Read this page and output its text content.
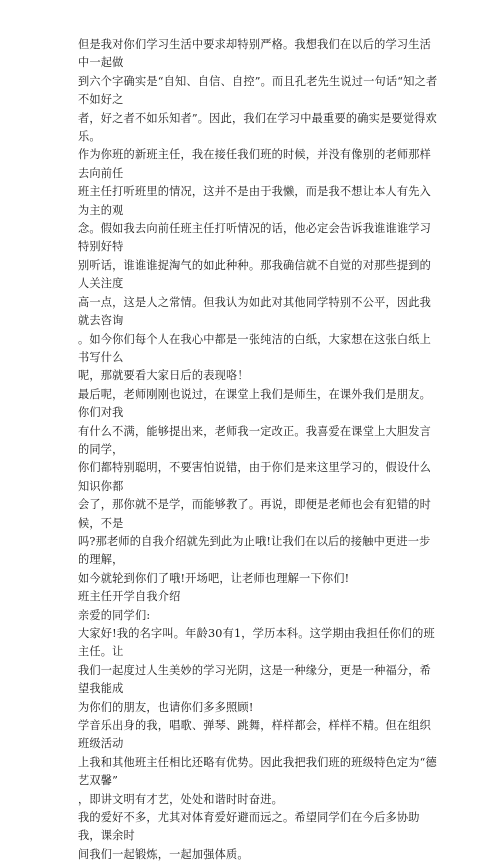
但是我对你们学习生活中要求却特别严格。我想我们在以后的学习生活中一起做
到六个字确实是“自知、自信、自控”。而且孔老先生说过一句话“知之者不如好之
者，好之者不如乐知者”。因此，我们在学习中最重要的确实是要觉得欢乐。

作为你班的新班主任，我在接任我们班的时候，并没有像别的老师那样去向前任
班主任打听班里的情况，这并不是由于我懒，而是我不想让本人有先入为主的观
念。假如我去向前任班主任打听情况的话，他必定会告诉我谁谁谁学习特别好特
别听话，谁谁谁捉淘气的如此种种。那我确信就不自觉的对那些提到的人关注度
高一点，这是人之常情。但我认为如此对其他同学特别不公平，因此我就去咨询
。如今你们每个人在我心中都是一张纯洁的白纸，大家想在这张白纸上书写什么
呢，那就要看大家日后的表现咯！

最后呢，老师刚刚也说过，在课堂上我们是师生，在课外我们是朋友。你们对我
有什么不满，能够提出来，老师我一定改正。我喜爱在课堂上大胆发言的同学，
你们都特别聪明，不要害怕说错，由于你们是来这里学习的，假设什么知识你都
会了，那你就不是学，而能够教了。再说，即便是老师也会有犯错的时候，不是
吗?那老师的自我介绍就先到此为止哦!让我们在以后的接触中更进一步的理解，
如今就轮到你们了哦!开场吧，让老师也理解一下你们!

班主任开学自我介绍

亲爱的同学们:

大家好!我的名字叫。年龄30有1，学历本科。这学期由我担任你们的班主任。让
我们一起度过人生美妙的学习光阴，这是一种缘分，更是一种福分，希望我能成
为你们的朋友，也请你们多多照顾!

学音乐出身的我，唱歌、弹琴、跳舞，样样都会，样样不精。但在组织班级活动
上我和其他班主任相比还略有优势。因此我把我们班的班级特色定为“德艺双馨”
，即讲文明有才艺，处处和谐时时奋进。

我的爱好不多，尤其对体育爱好避而远之。希望同学们在今后多协助我，课余时
间我们一起锻炼，一起加强体质。
